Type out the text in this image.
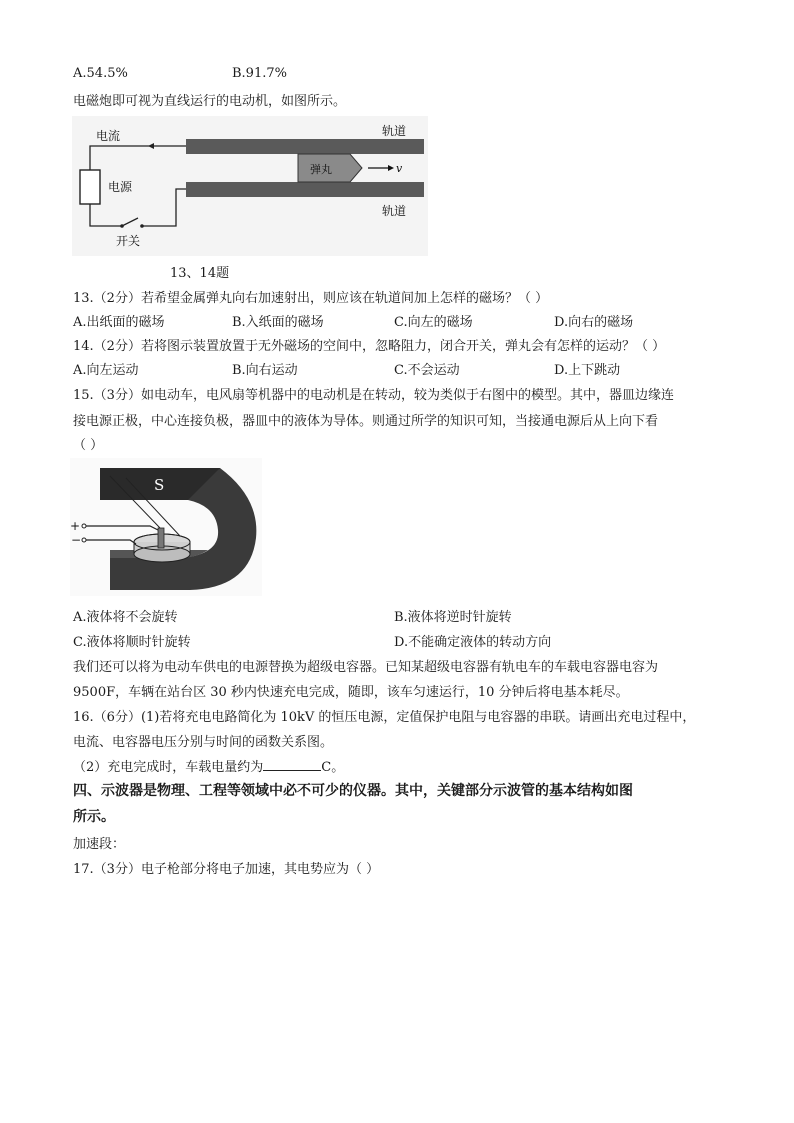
A.54.5%	B.91.7%
电磁炮即可视为直线运行的电动机，如图所示。
弹丸	v
电流
电源
开关
轨道
轨道
13、14题
13.（2分）若希望金属弹丸向右加速射出，则应该在轨道间加上怎样的磁场？（ ）
A.出纸面的磁场	B.入纸面的磁场	C.向左的磁场	D.向右的磁场
14.（2分）若将图示装置放置于无外磁场的空间中，忽略阻力，闭合开关，弹丸会有怎样的运动？（ ）
A.向左运动	B.向右运动	C.不会运动	D.上下跳动
15.（3分）如电动车，电风扇等机器中的电动机是在转动，较为类似于右图中的模型。其中，器皿边缘连
接电源正极，中心连接负极，器皿中的液体为导体。则通过所学的知识可知，当接通电源后从上向下看
（ ）
+
−
S
A.液体将不会旋转	B.液体将逆时针旋转
C.液体将顺时针旋转	D.不能确定液体的转动方向
我们还可以将为电动车供电的电源替换为超级电容器。已知某超级电容器有轨电车的车载电容器电容为
9500F，车辆在站台区 30 秒内快速充电完成，随即，该车匀速运行，10 分钟后将电基本耗尽。
16.（6分）(1)若将充电电路简化为 10kV 的恒压电源，定值保护电阻与电容器的串联。请画出充电过程中，
电流、电容器电压分别与时间的函数关系图。
（2）充电完成时，车载电量约为	C。
四、示波器是物理、工程等领域中必不可少的仪器。其中，关键部分示波管的基本结构如图
所示。
加速段：
17.（3分）电子枪部分将电子加速，其电势应为（ ）
